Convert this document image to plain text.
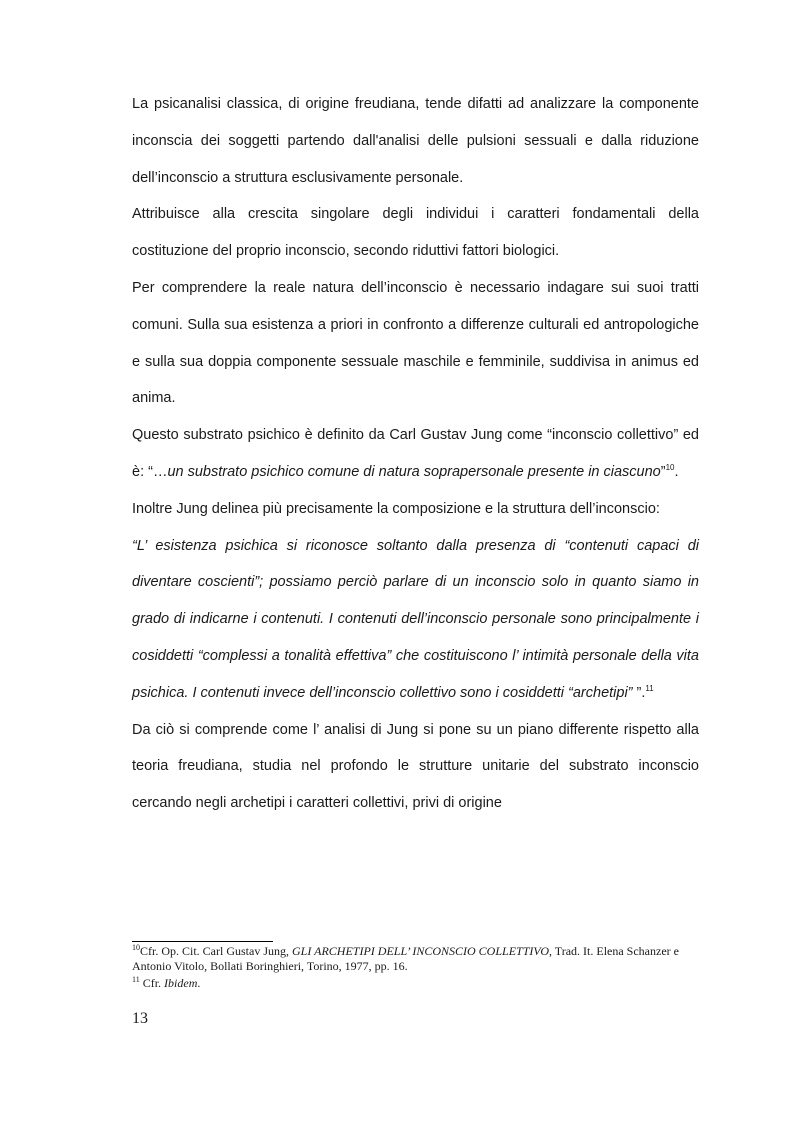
La psicanalisi classica, di origine freudiana, tende difatti ad analizzare la componente inconscia dei soggetti partendo dall'analisi delle pulsioni sessuali e dalla riduzione dell’inconscio a struttura esclusivamente personale.

Attribuisce alla crescita singolare degli individui i caratteri fondamentali della costituzione del proprio inconscio, secondo riduttivi fattori biologici.

Per comprendere la reale natura dell’inconscio è necessario indagare sui suoi tratti comuni. Sulla sua esistenza a priori in confronto a differenze culturali ed antropologiche e sulla sua doppia componente sessuale maschile e femminile, suddivisa in animus ed anima.

Questo substrato psichico è definito da Carl Gustav Jung come “inconscio collettivo” ed è: “…un substrato psichico comune di natura soprapersonale presente in ciascuno”$^{10}$.

Inoltre Jung delinea più precisamente la composizione e la struttura dell’inconscio:

“L’ esistenza psichica si riconosce soltanto dalla presenza di “contenuti capaci di diventare coscienti”; possiamo perciò parlare di un inconscio solo in quanto siamo in grado di indicarne i contenuti. I contenuti dell’inconscio personale sono principalmente i cosiddetti “complessi a tonalità effettiva” che costituiscono l’ intimità personale della vita psichica. I contenuti invece dell’inconscio collettivo sono i cosiddetti “archetipi” ”.$^{11}$

Da ciò si comprende come l’ analisi di Jung si pone su un piano differente rispetto alla teoria freudiana, studia nel profondo le strutture unitarie del substrato inconscio cercando negli archetipi i caratteri collettivi, privi di origine

$^{10}$Cfr. Op. Cit. Carl Gustav Jung, GLI ARCHETIPI DELL’ INCONSCIO COLLETTIVO, Trad. It. Elena Schanzer e Antonio Vitolo, Bollati Boringhieri, Torino, 1977, pp. 16.

$^{11}$ Cfr. Ibidem.

13
